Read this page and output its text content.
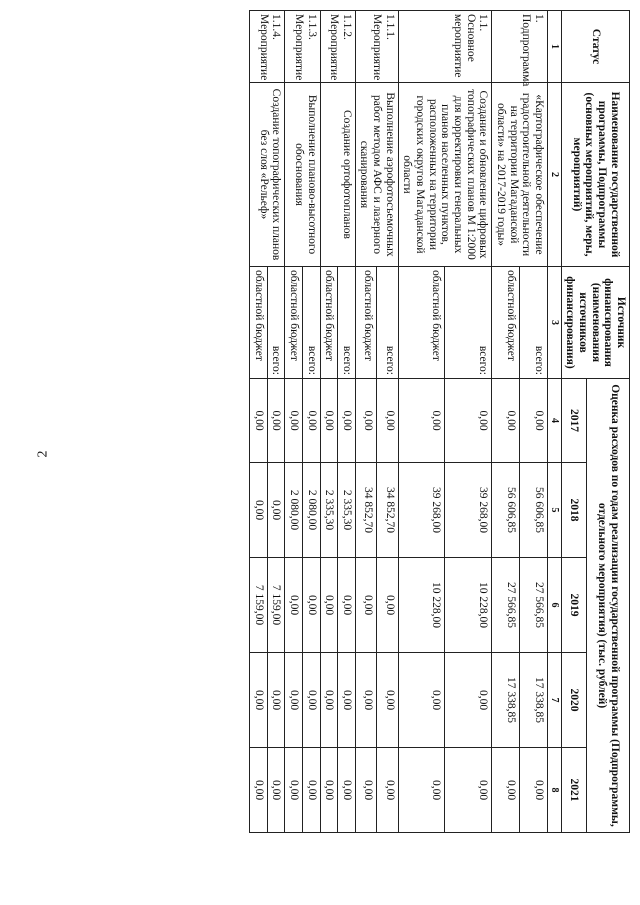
2
Статус	Наименование государственной программы, Подпрограммы (основных мероприятий, меры, мероприятий)	Источник финансирования (наименования источников финансирования)	Оценка расходов по годам реализации государственной программы (Подпрограммы, отдельного мероприятия) (тыс. рублей)				
			2017	2018	2019	2020	2021
1	2	3	4	5	6	7	8
1. Подпрограмма	«Картографическое обеспечение градостроительной деятельности на территории Магаданской области» на 2017-2019 годы»	всего:	0,00	56 606,85	27 566,85	17 338,85	0,00
		областной бюджет	0,00	56 606,85	27 566,85	17 338,85	0,00
1.1. Основное мероприятие	Создание и обновление цифровых топографических планов М 1:2000 для корректировки генеральных планов населенных пунктов, расположенных на территории городских округов Магаданской области	всего:	0,00	39 268,00	10 228,00	0,00	0,00
		областной бюджет	0,00	39 268,00	10 228,00	0,00	0,00
1.1.1. Мероприятие	Выполнение аэрофотосъемочных работ методом АФС и лазерного сканирования	всего:	0,00	34 852,70	0,00	0,00	0,00
		областной бюджет	0,00	34 852,70	0,00	0,00	0,00
1.1.2. Мероприятие	Создание ортофотопланов	всего:	0,00	2 335,30	0,00	0,00	0,00
		областной бюджет	0,00	2 335,30	0,00	0,00	0,00
1.1.3. Мероприятие	Выполнение планово-высотного обоснования	всего:	0,00	2 080,00	0,00	0,00	0,00
		областной бюджет	0,00	2 080,00	0,00	0,00	0,00
1.1.4. Мероприятие	Создание топографических планов без слоя «Рельеф»	всего:	0,00	0,00	7 159,00	0,00	0,00
		областной бюджет	0,00	0,00	7 159,00	0,00	0,00
